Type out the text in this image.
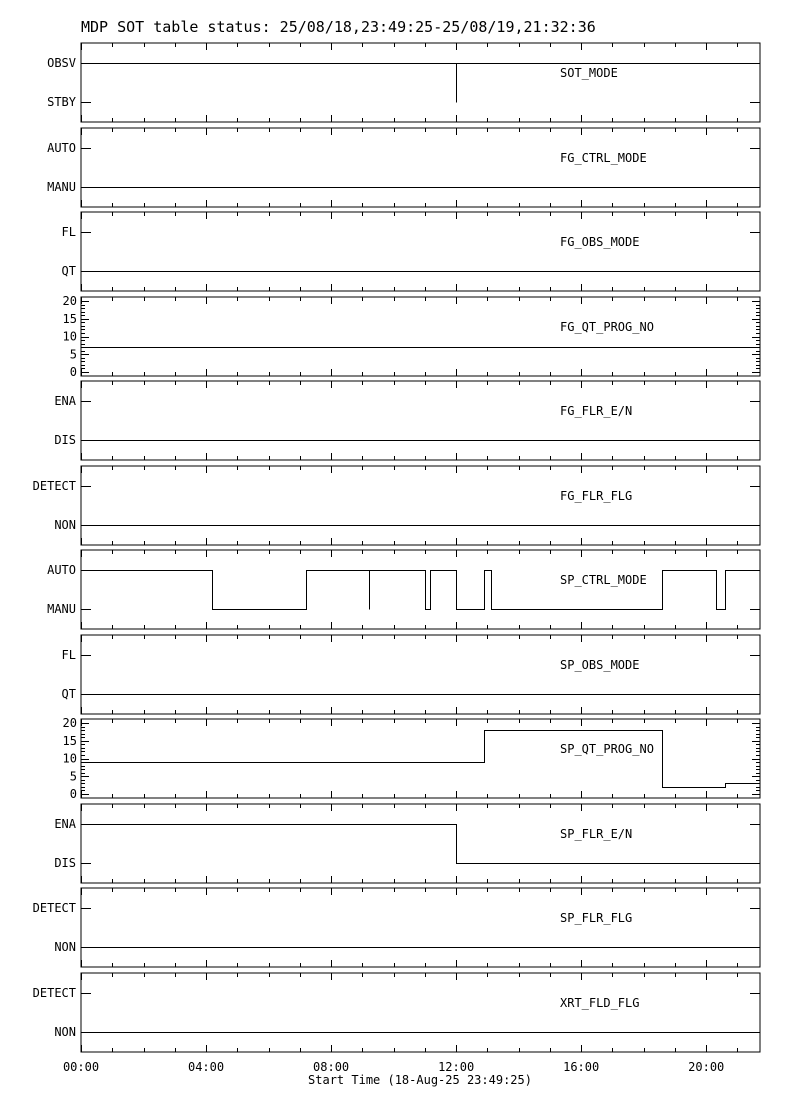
MDP SOT table status: 25/08/18,23:49:25-25/08/19,21:32:36
OBSV
STBY
SOT_MODE
AUTO
MANU
FG_CTRL_MODE
FL
QT
FG_OBS_MODE
20
15
10
5
0
FG_QT_PROG_NO
ENA
DIS
FG_FLR_E/N
DETECT
NON
FG_FLR_FLG
AUTO
MANU
SP_CTRL_MODE
FL
QT
SP_OBS_MODE
20
15
10
5
0
SP_QT_PROG_NO
ENA
DIS
SP_FLR_E/N
DETECT
NON
SP_FLR_FLG
DETECT
NON
XRT_FLD_FLG
00:00	04:00	08:00	12:00	16:00	20:00
Start Time (18-Aug-25 23:49:25)
